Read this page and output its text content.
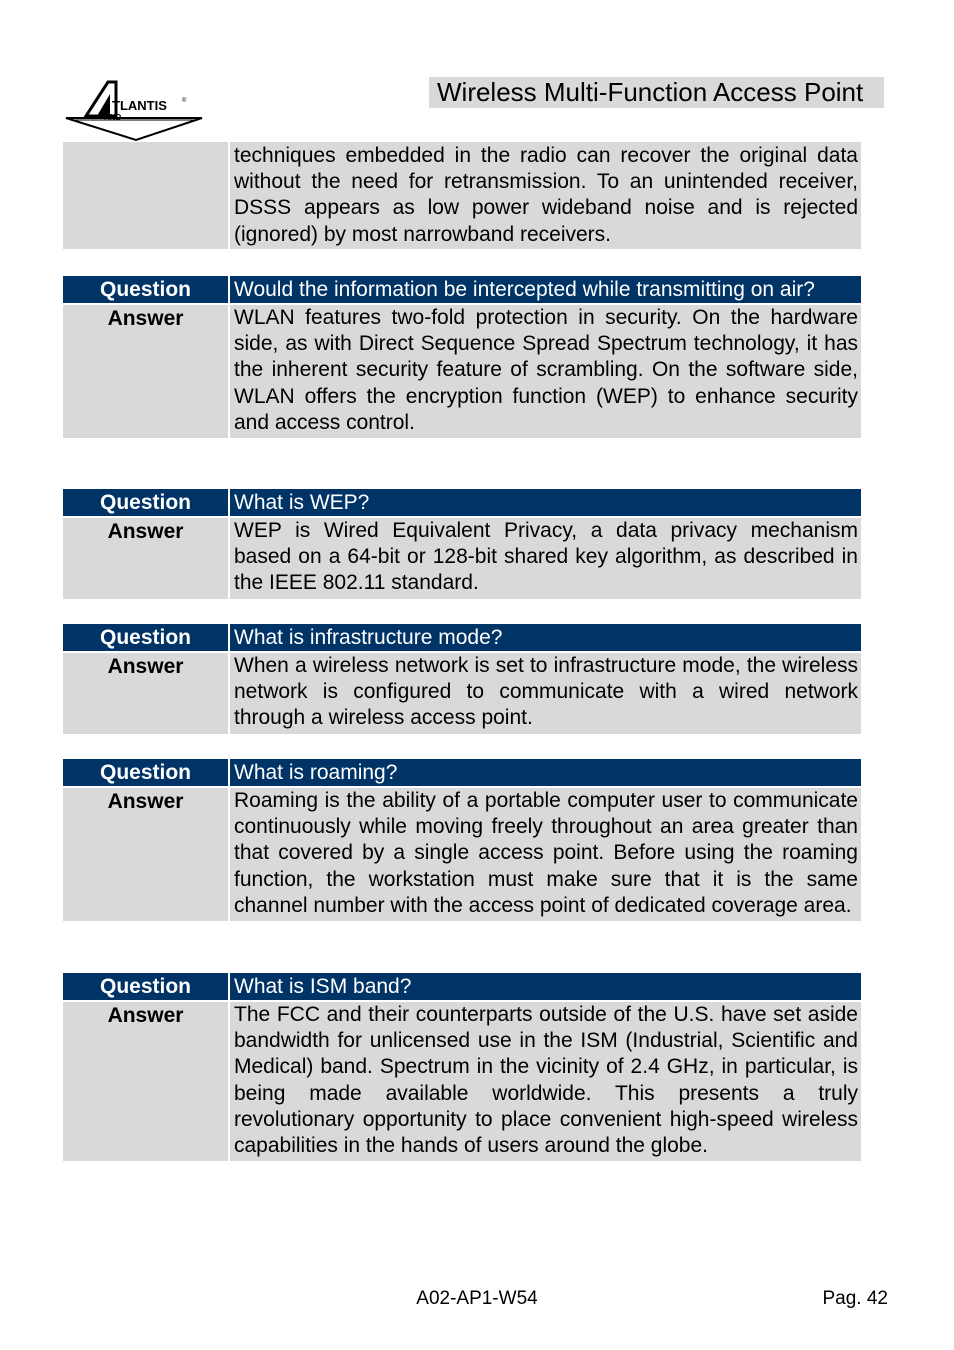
TLANTIS	®
AND
Wireless Multi-Function Access Point
techniques embedded in the radio can recover the original data without the need for retransmission. To an unintended receiver, DSSS appears as low power wideband noise and is rejected (ignored) by most narrowband receivers.
Question	Would the information be intercepted while transmitting on air?
Answer	WLAN features two-fold protection in security. On the hardware side, as with Direct Sequence Spread Spectrum technology, it has the inherent security feature of scrambling. On the software side, WLAN offers the encryption function (WEP) to enhance security and access control.
Question	What is WEP?
Answer	WEP is Wired Equivalent Privacy, a data privacy mechanism based on a 64-bit or 128-bit shared key algorithm, as described in the IEEE 802.11 standard.
Question	What is infrastructure mode?
Answer	When a wireless network is set to infrastructure mode, the wireless network is configured to communicate with a wired network through a wireless access point.
Question	What is roaming?
Answer	Roaming is the ability of a portable computer user to communicate continuously while moving freely throughout an area greater than that covered by a single access point. Before using the roaming function, the workstation must make sure that it is the same channel number with the access point of dedicated coverage area.
Question	What is ISM band?
Answer	The FCC and their counterparts outside of the U.S. have set aside bandwidth for unlicensed use in the ISM (Industrial, Scientific and Medical) band. Spectrum in the vicinity of 2.4 GHz, in particular, is being made available worldwide. This presents a truly revolutionary opportunity to place convenient high-speed wireless capabilities in the hands of users around the globe.
A02-AP1-W54	Pag. 42
